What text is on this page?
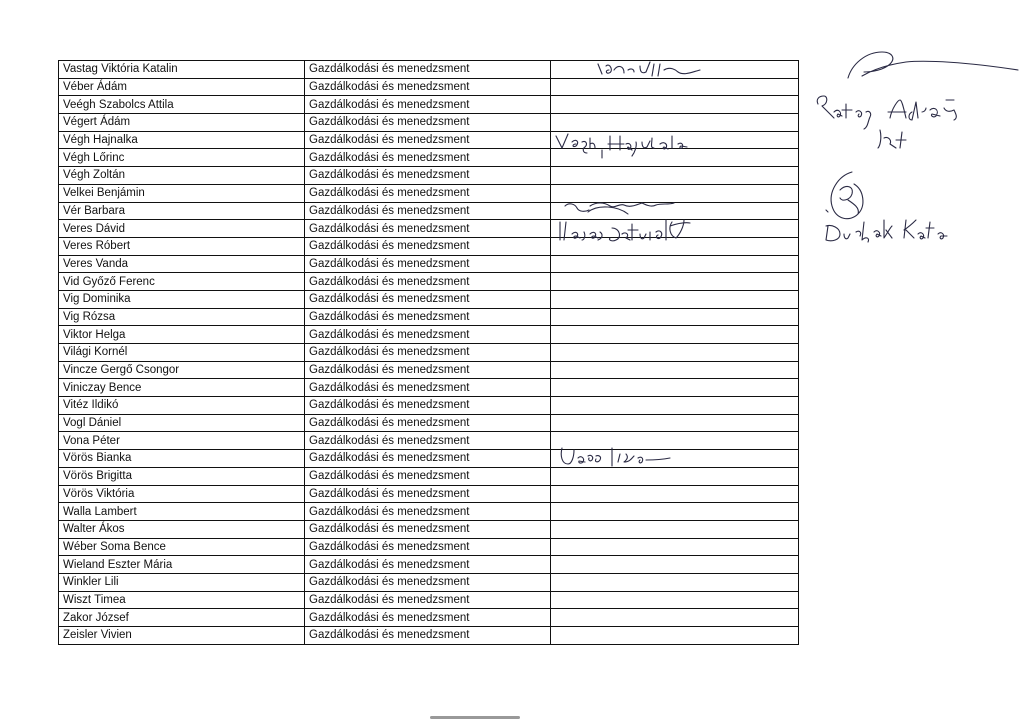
Vastag Viktória Katalin	Gazdálkodási és menedzsment	
Véber Ádám	Gazdálkodási és menedzsment	
Veégh Szabolcs Attila	Gazdálkodási és menedzsment	
Végert Ádám	Gazdálkodási és menedzsment	
Végh Hajnalka	Gazdálkodási és menedzsment	
Végh Lőrinc	Gazdálkodási és menedzsment	
Végh Zoltán	Gazdálkodási és menedzsment	
Velkei Benjámin	Gazdálkodási és menedzsment	
Vér Barbara	Gazdálkodási és menedzsment	
Veres Dávid	Gazdálkodási és menedzsment	
Veres Róbert	Gazdálkodási és menedzsment	
Veres Vanda	Gazdálkodási és menedzsment	
Vid Győző Ferenc	Gazdálkodási és menedzsment	
Vig Dominika	Gazdálkodási és menedzsment	
Vig Rózsa	Gazdálkodási és menedzsment	
Viktor Helga	Gazdálkodási és menedzsment	
Világi Kornél	Gazdálkodási és menedzsment	
Vincze Gergő Csongor	Gazdálkodási és menedzsment	
Viniczay Bence	Gazdálkodási és menedzsment	
Vitéz Ildikó	Gazdálkodási és menedzsment	
Vogl Dániel	Gazdálkodási és menedzsment	
Vona Péter	Gazdálkodási és menedzsment	
Vörös Bianka	Gazdálkodási és menedzsment	
Vörös Brigitta	Gazdálkodási és menedzsment	
Vörös Viktória	Gazdálkodási és menedzsment	
Walla Lambert	Gazdálkodási és menedzsment	
Walter Ákos	Gazdálkodási és menedzsment	
Wéber Soma Bence	Gazdálkodási és menedzsment	
Wieland Eszter Mária	Gazdálkodási és menedzsment	
Winkler Lili	Gazdálkodási és menedzsment	
Wiszt Timea	Gazdálkodási és menedzsment	
Zakor József	Gazdálkodási és menedzsment	
Zeisler Vivien	Gazdálkodási és menedzsment	
